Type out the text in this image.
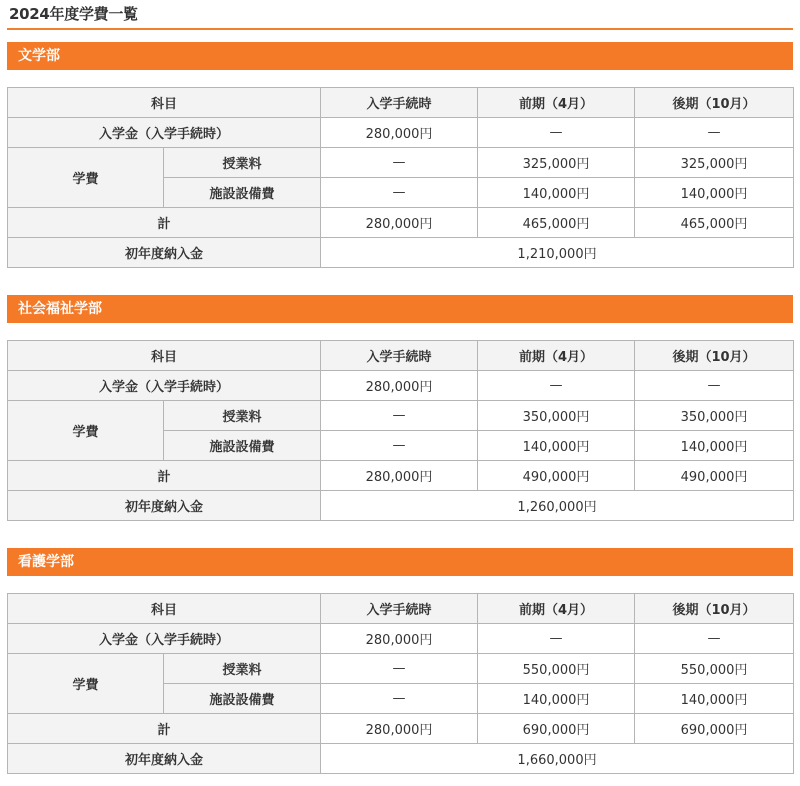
2024年度学費一覧
文学部
科目		入学手続時	前期（4月）	後期（10月）
入学金（入学手続時）		280,000円	—	—
学費	授業料	—	325,000円	325,000円
	施設設備費	—	140,000円	140,000円
計		280,000円	465,000円	465,000円
初年度納入金		1,210,000円		
社会福祉学部
科目		入学手続時	前期（4月）	後期（10月）
入学金（入学手続時）		280,000円	—	—
学費	授業料	—	350,000円	350,000円
	施設設備費	—	140,000円	140,000円
計		280,000円	490,000円	490,000円
初年度納入金		1,260,000円		
看護学部
科目		入学手続時	前期（4月）	後期（10月）
入学金（入学手続時）		280,000円	—	—
学費	授業料	—	550,000円	550,000円
	施設設備費	—	140,000円	140,000円
計		280,000円	690,000円	690,000円
初年度納入金		1,660,000円		
